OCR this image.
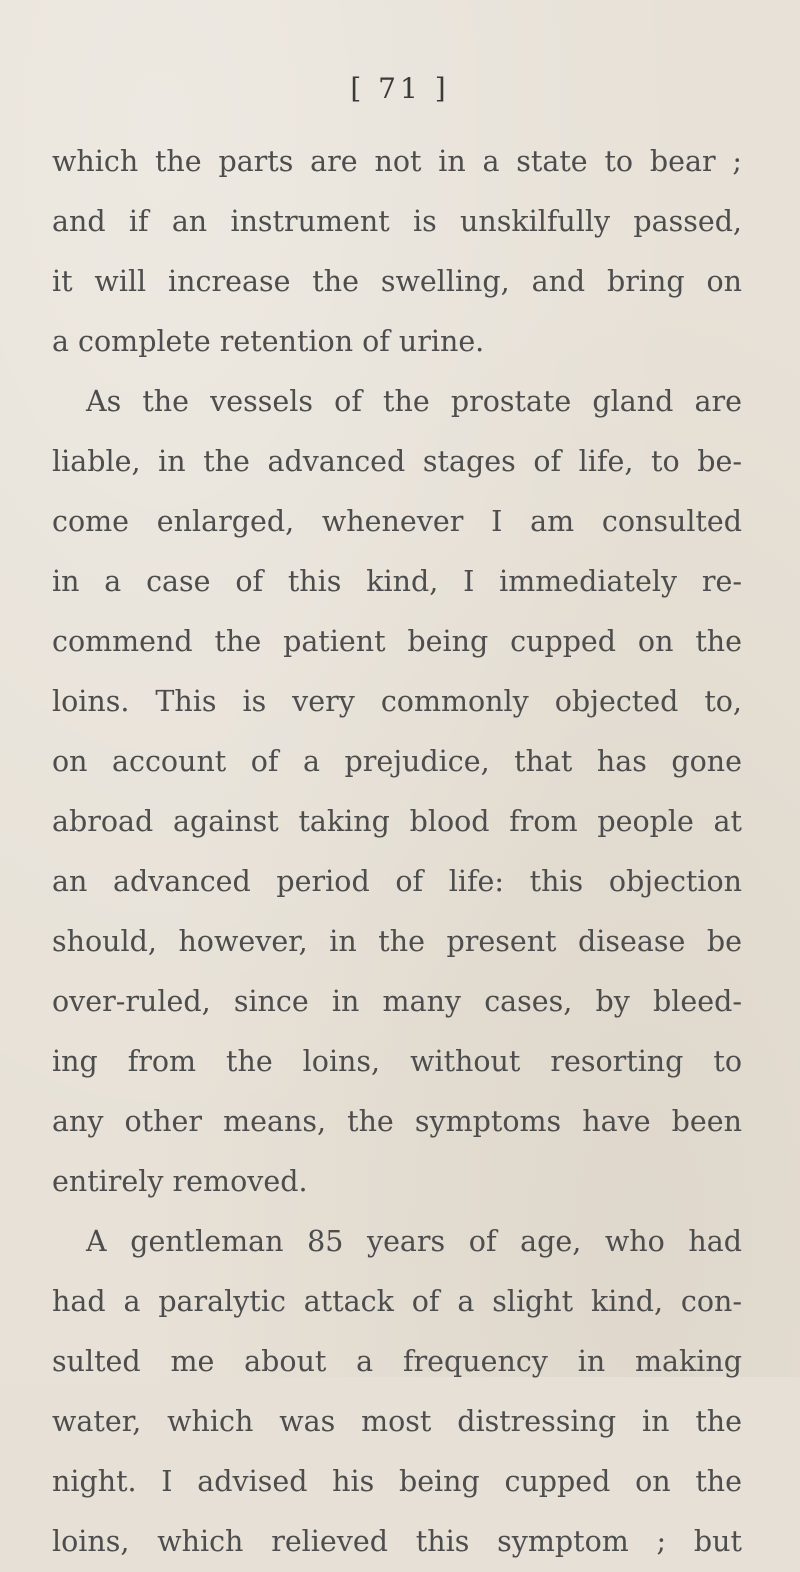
[ 71 ]
which the parts are not in a state to bear ;
and if an instrument is unskilfully passed,
it will increase the swelling, and bring on
a complete retention of urine.
As the vessels of the prostate gland are
liable, in the advanced stages of life, to be-
come enlarged, whenever I am consulted
in a case of this kind, I immediately re-
commend the patient being cupped on the
loins. This is very commonly objected to,
on account of a prejudice, that has gone
abroad against taking blood from people at
an advanced period of life: this objection
should, however, in the present disease be
over-ruled, since in many cases, by bleed-
ing from the loins, without resorting to
any other means, the symptoms have been
entirely removed.
A gentleman 85 years of age, who had
had a paralytic attack of a slight kind, con-
sulted me about a frequency in making
water, which was most distressing in the
night. I advised his being cupped on the
loins, which relieved this symptom ; but
